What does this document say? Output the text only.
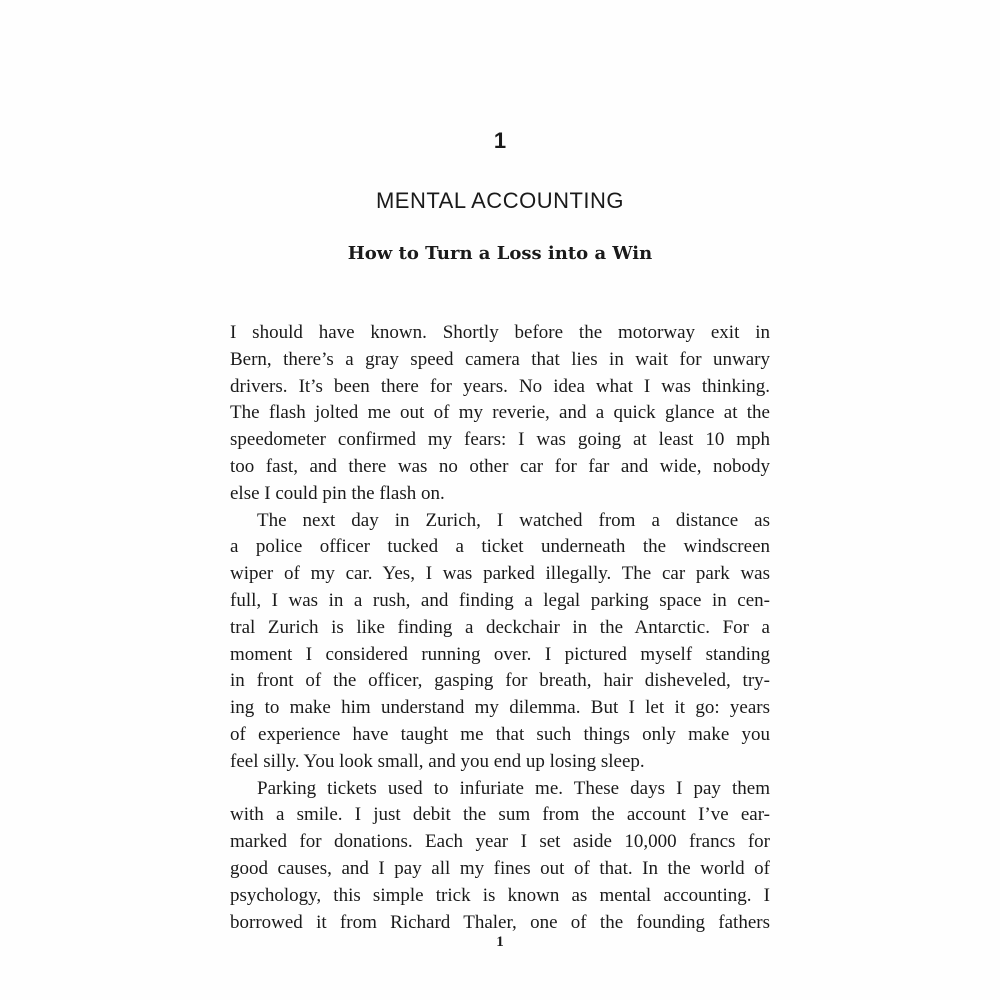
1
MENTAL ACCOUNTING
How to Turn a Loss into a Win
I should have known. Shortly before the motorway exit in
Bern, there’s a gray speed camera that lies in wait for unwary
drivers. It’s been there for years. No idea what I was thinking.
The flash jolted me out of my reverie, and a quick glance at the
speedometer confirmed my fears: I was going at least 10 mph
too fast, and there was no other car for far and wide, nobody
else I could pin the flash on.
The next day in Zurich, I watched from a distance as
a police officer tucked a ticket underneath the windscreen
wiper of my car. Yes, I was parked illegally. The car park was
full, I was in a rush, and finding a legal parking space in cen-
tral Zurich is like finding a deckchair in the Antarctic. For a
moment I considered running over. I pictured myself standing
in front of the officer, gasping for breath, hair disheveled, try-
ing to make him understand my dilemma. But I let it go: years
of experience have taught me that such things only make you
feel silly. You look small, and you end up losing sleep.
Parking tickets used to infuriate me. These days I pay them
with a smile. I just debit the sum from the account I’ve ear-
marked for donations. Each year I set aside 10,000 francs for
good causes, and I pay all my fines out of that. In the world of
psychology, this simple trick is known as mental accounting. I
borrowed it from Richard Thaler, one of the founding fathers
1
